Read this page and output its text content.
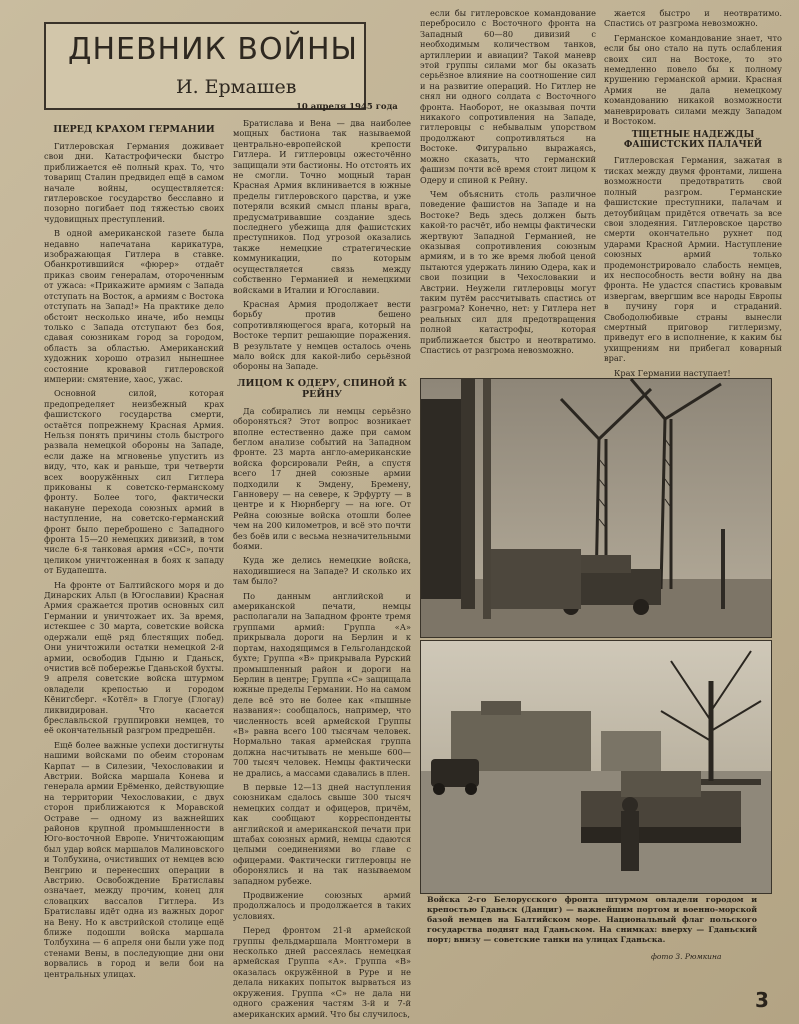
ДНЕВНИК ВОЙНЫ
И. Ермашев
10 апреля 1945 года
ПЕРЕД КРАХОМ ГЕРМАНИИ

Гитлеровская Германия доживает свои дни. Катастрофически быстро приближается её полный крах. То, что товарищ Сталин предвидел ещё в самом начале войны, осуществляется: гитлеровское государство бесславно и позорно погибает под тяжестью своих чудовищных преступлений.

В одной американской газете была недавно напечатана карикатура, изображающая Гитлера в ставке. Обанкротившийся «фюрер» отдаёт приказ своим генералам, отороченным от ужаса: «Прикажите армиям с Запада отступать на Восток, а армиям с Востока отступать на Запад!» На практике дело обстоит несколько иначе, ибо немцы только с Запада отступают без боя, сдавая союзникам город за городом, область за областью. Американский художник хорошо отразил нынешнее состояние кровавой гитлеровской империи: смятение, хаос, ужас.

Основной силой, которая предопределяет неизбежный крах фашистского государства смерти, остаётся попрежнему Красная Армия. Нельзя понять причины столь быстрого развала немецкой обороны на Западе, если даже на мгновенье упустить из виду, что, как и раньше, три четверти всех вооружённых сил Гитлера прикованы к советско-германскому фронту. Более того, фактически накануне перехода союзных армий в наступление, на советско-германский фронт было переброшено с Западного фронта 15—20 немецких дивизий, в том числе 6-я танковая армия «СС», почти целиком уничтоженная в боях к западу от Будапешта.

На фронте от Балтийского моря и до Динарских Альп (в Югославии) Красная Армия сражается против основных сил Германии и уничтожает их. За время, истекшее с 30 марта, советские войска одержали ещё ряд блестящих побед. Они уничтожили остатки немецкой 2-й армии, освободив Гдыню и Гданьск, очистив всё побережье Гданьской бухты. 9 апреля советские войска штурмом овладели крепостью и городом Кёнигсберг. «Котёл» в Глогуе (Глогау) ликвидирован. Что касается бреславльской группировки немцев, то её окончательный разгром предрешён.

Ещё более важные успехи достигнуты нашими войсками по обеим сторонам Карпат — в Силезии, Чехословакии и Австрии. Войска маршала Конева и генерала армии Ерёменко, действующие на территории Чехословакии, с двух сторон приближаются к Моравской Остраве — одному из важнейших районов крупной промышленности в Юго-восточной Европе. Уничтожающим был удар войск маршалов Малиновского и Толбухина, очистивших от немцев всю Венгрию и перенесших операции в Австрию. Освобождение Братиславы означает, между прочим, конец для словацких вассалов Гитлера. Из Братиславы идёт одна из важных дорог на Вену. Но к австрийской столице ещё ближе подошли войска маршала Толбухина — 6 апреля они были уже под стенами Вены, в последующие дни они ворвались в город и вели бои на центральных улицах.

Братислава и Вена — два наиболее мощных бастиона так называемой центрально-европейской крепости Гитлера. И гитлеровцы ожесточённо защищали эти бастионы. Но отстоять их не смогли. Точно мощный таран Красная Армия вклинивается в южные пределы гитлеровского царства, и уже потеряли всякий смысл планы врага, предусматривавшие создание здесь последнего убежища для фашистских преступников. Под угрозой оказались также немецкие стратегические коммуникации, по которым осуществляется связь между собственно Германией и немецкими войсками в Италии и Югославии.

Красная Армия продолжает вести борьбу против бешено сопротивляющегося врага, который на Востоке терпит решающие поражения. В результате у немцев осталось очень мало войск для какой-либо серьёзной обороны на Западе.

ЛИЦОМ К ОДЕРУ, СПИНОЙ К РЕЙНУ

Да собирались ли немцы серьёзно обороняться? Этот вопрос возникает вполне естественно даже при самом беглом анализе событий на Западном фронте. 23 марта англо-американские войска форсировали Рейн, а спустя всего 17 дней союзные армии подходили к Эмдену, Бремену, Ганноверу — на севере, к Эрфурту — в центре и к Нюрнбергу — на юге. От Рейна союзные войска отошли более чем на 200 километров, и всё это почти без боёв или с весьма незначительными боями.

Куда же делись немецкие войска, находившиеся на Западе? И сколько их там было?

По данным английской и американской печати, немцы располагали на Западном фронте тремя группами армий: Группа «А» прикрывала дороги на Берлин и к портам, находящимся в Гельголандской бухте; Группа «В» прикрывала Рурский промышленный район и дороги на Берлин в центре; Группа «С» защищала южные пределы Германии. Но на самом деле всё это не более как «пышные названия»: сообщалось, например, что численность всей армейской Группы «В» равна всего 100 тысячам человек. Нормально такая армейская группа должна насчитывать не меньше 600—700 тысяч человек. Немцы фактически не дрались, а массами сдавались в плен.

В первые 12—13 дней наступления союзникам сдалось свыше 300 тысяч немецких солдат и офицеров, причём, как сообщают корреспонденты английской и американской печати при штабах союзных армий, немцы сдаются целыми соединениями во главе с офицерами. Фактически гитлеровцы не оборонялись и на так называемом западном рубеже.

Продвижение союзных армий продолжалось и продолжается в таких условиях.

Перед фронтом 21-й армейской группы фельдмаршала Монтгомери в несколько дней рассеялась немецкая армейская Группа «А». Группа «В» оказалась окружённой в Руре и не делала никаких попыток вырваться из окружения. Группа «С» не дала ни одного сражения частям 3-й и 7-й американских армий. Что бы случилось,

если бы гитлеровское командование перебросило с Восточного фронта на Западный 60—80 дивизий с необходимым количеством танков, артиллерии и авиации? Такой маневр этой группы силами мог бы оказать серьёзное влияние на соотношение сил и на развитие операций. Но Гитлер не снял ни одного солдата с Восточного фронта. Наоборот, не оказывая почти никакого сопротивления на Западе, гитлеровцы с небывалым упорством продолжают сопротивляться на Востоке. Фигурально выражаясь, можно сказать, что германский фашизм почти всё время стоит лицом к Одеру и спиной к Рейну.

Чем объяснить столь различное поведение фашистов на Западе и на Востоке? Ведь здесь должен быть какой-то расчёт, ибо немцы фактически жертвуют Западной Германией, не оказывая сопротивления союзным армиям, и в то же время любой ценой пытаются удержать линию Одера, как и свои позиции в Чехословакии и Австрии. Неужели гитлеровцы могут таким путём рассчитывать спастись от разгрома? Конечно, нет: у Гитлера нет реальных сил для предотвращения полной катастрофы, которая приближается быстро и неотвратимо. Спастись от разгрома невозможно.

жается быстро и неотвратимо. Спастись от разгрома невозможно.

Германское командование знает, что если бы оно стало на путь ослабления своих сил на Востоке, то это немедленно повело бы к полному крушению германской армии. Красная Армия не дала немецкому командованию никакой возможности маневрировать силами между Западом и Востоком.

ТЩЕТНЫЕ НАДЕЖДЫ ФАШИСТСКИХ ПАЛАЧЕЙ

Гитлеровская Германия, зажатая в тисках между двумя фронтами, лишена возможности предотвратить свой полный разгром. Германские фашистские преступники, палачам и детоубийцам придётся отвечать за все свои злодеяния. Гитлеровское царство смерти окончательно рухнет под ударами Красной Армии. Наступление союзных армий только продемонстрировало слабость немцев, их неспособность вести войну на два фронта. Не удастся спастись кровавым извергам, ввергшим все народы Европы в пучину горя и страданий. Свободолюбивые страны вынесли смертный приговор гитлеризму, приведут его в исполнение, к каким бы ухищрениям ни прибегал коварный враг.

Крах Германии наступает!

Войска 2-го Белорусского фронта штурмом овладели городом и крепостью Гданьск (Данциг) — важнейшим портом и военно-морской базой немцев на Балтийском море. Национальный флаг польского государства поднят над Гданьском. На снимках: вверху — Гданьский порт; внизу — советские танки на улицах Гданьска.
фото З. Рюмкина
3
